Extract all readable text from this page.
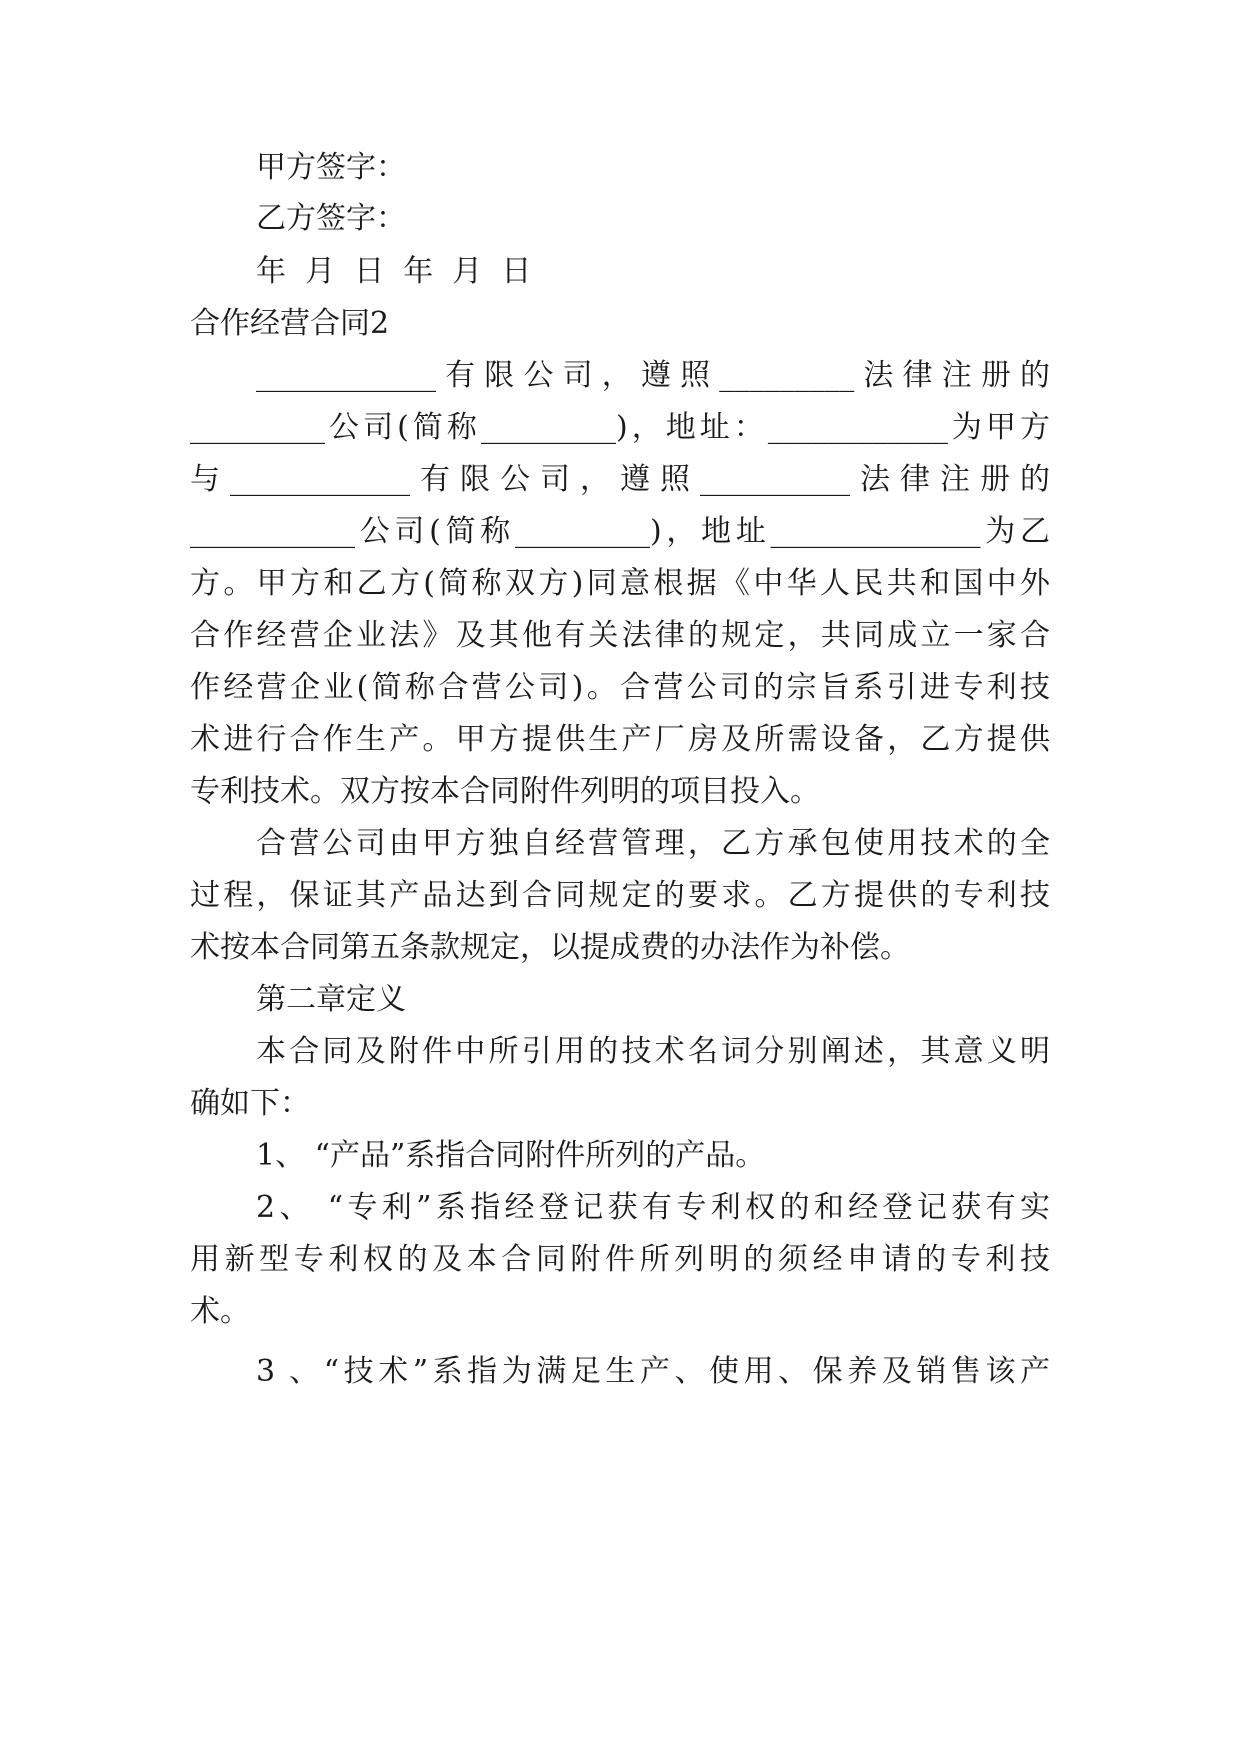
甲方签字：
乙方签字：
年  月  日  年  月  日
合作经营合同2
____________有限公司，遵照_________法律注册的
_________公司(简称_________)，地址：____________为甲方
与____________有限公司，遵照__________法律注册的
___________公司(简称_________)，地址______________为乙
方。甲方和乙方(简称双方)同意根据《中华人民共和国中外
合作经营企业法》及其他有关法律的规定，共同成立一家合
作经营企业(简称合营公司)。合营公司的宗旨系引进专利技
术进行合作生产。甲方提供生产厂房及所需设备，乙方提供
专利技术。双方按本合同附件列明的项目投入。
合营公司由甲方独自经营管理，乙方承包使用技术的全
过程，保证其产品达到合同规定的要求。乙方提供的专利技
术按本合同第五条款规定，以提成费的办法作为补偿。
第二章定义
本合同及附件中所引用的技术名词分别阐述，其意义明
确如下：
1、 “产品”系指合同附件所列的产品。
2、 “专利”系指经登记获有专利权的和经登记获有实
用新型专利权的及本合同附件所列明的须经申请的专利技
术。
3 、“技术”系指为满足生产、使用、保养及销售该产
